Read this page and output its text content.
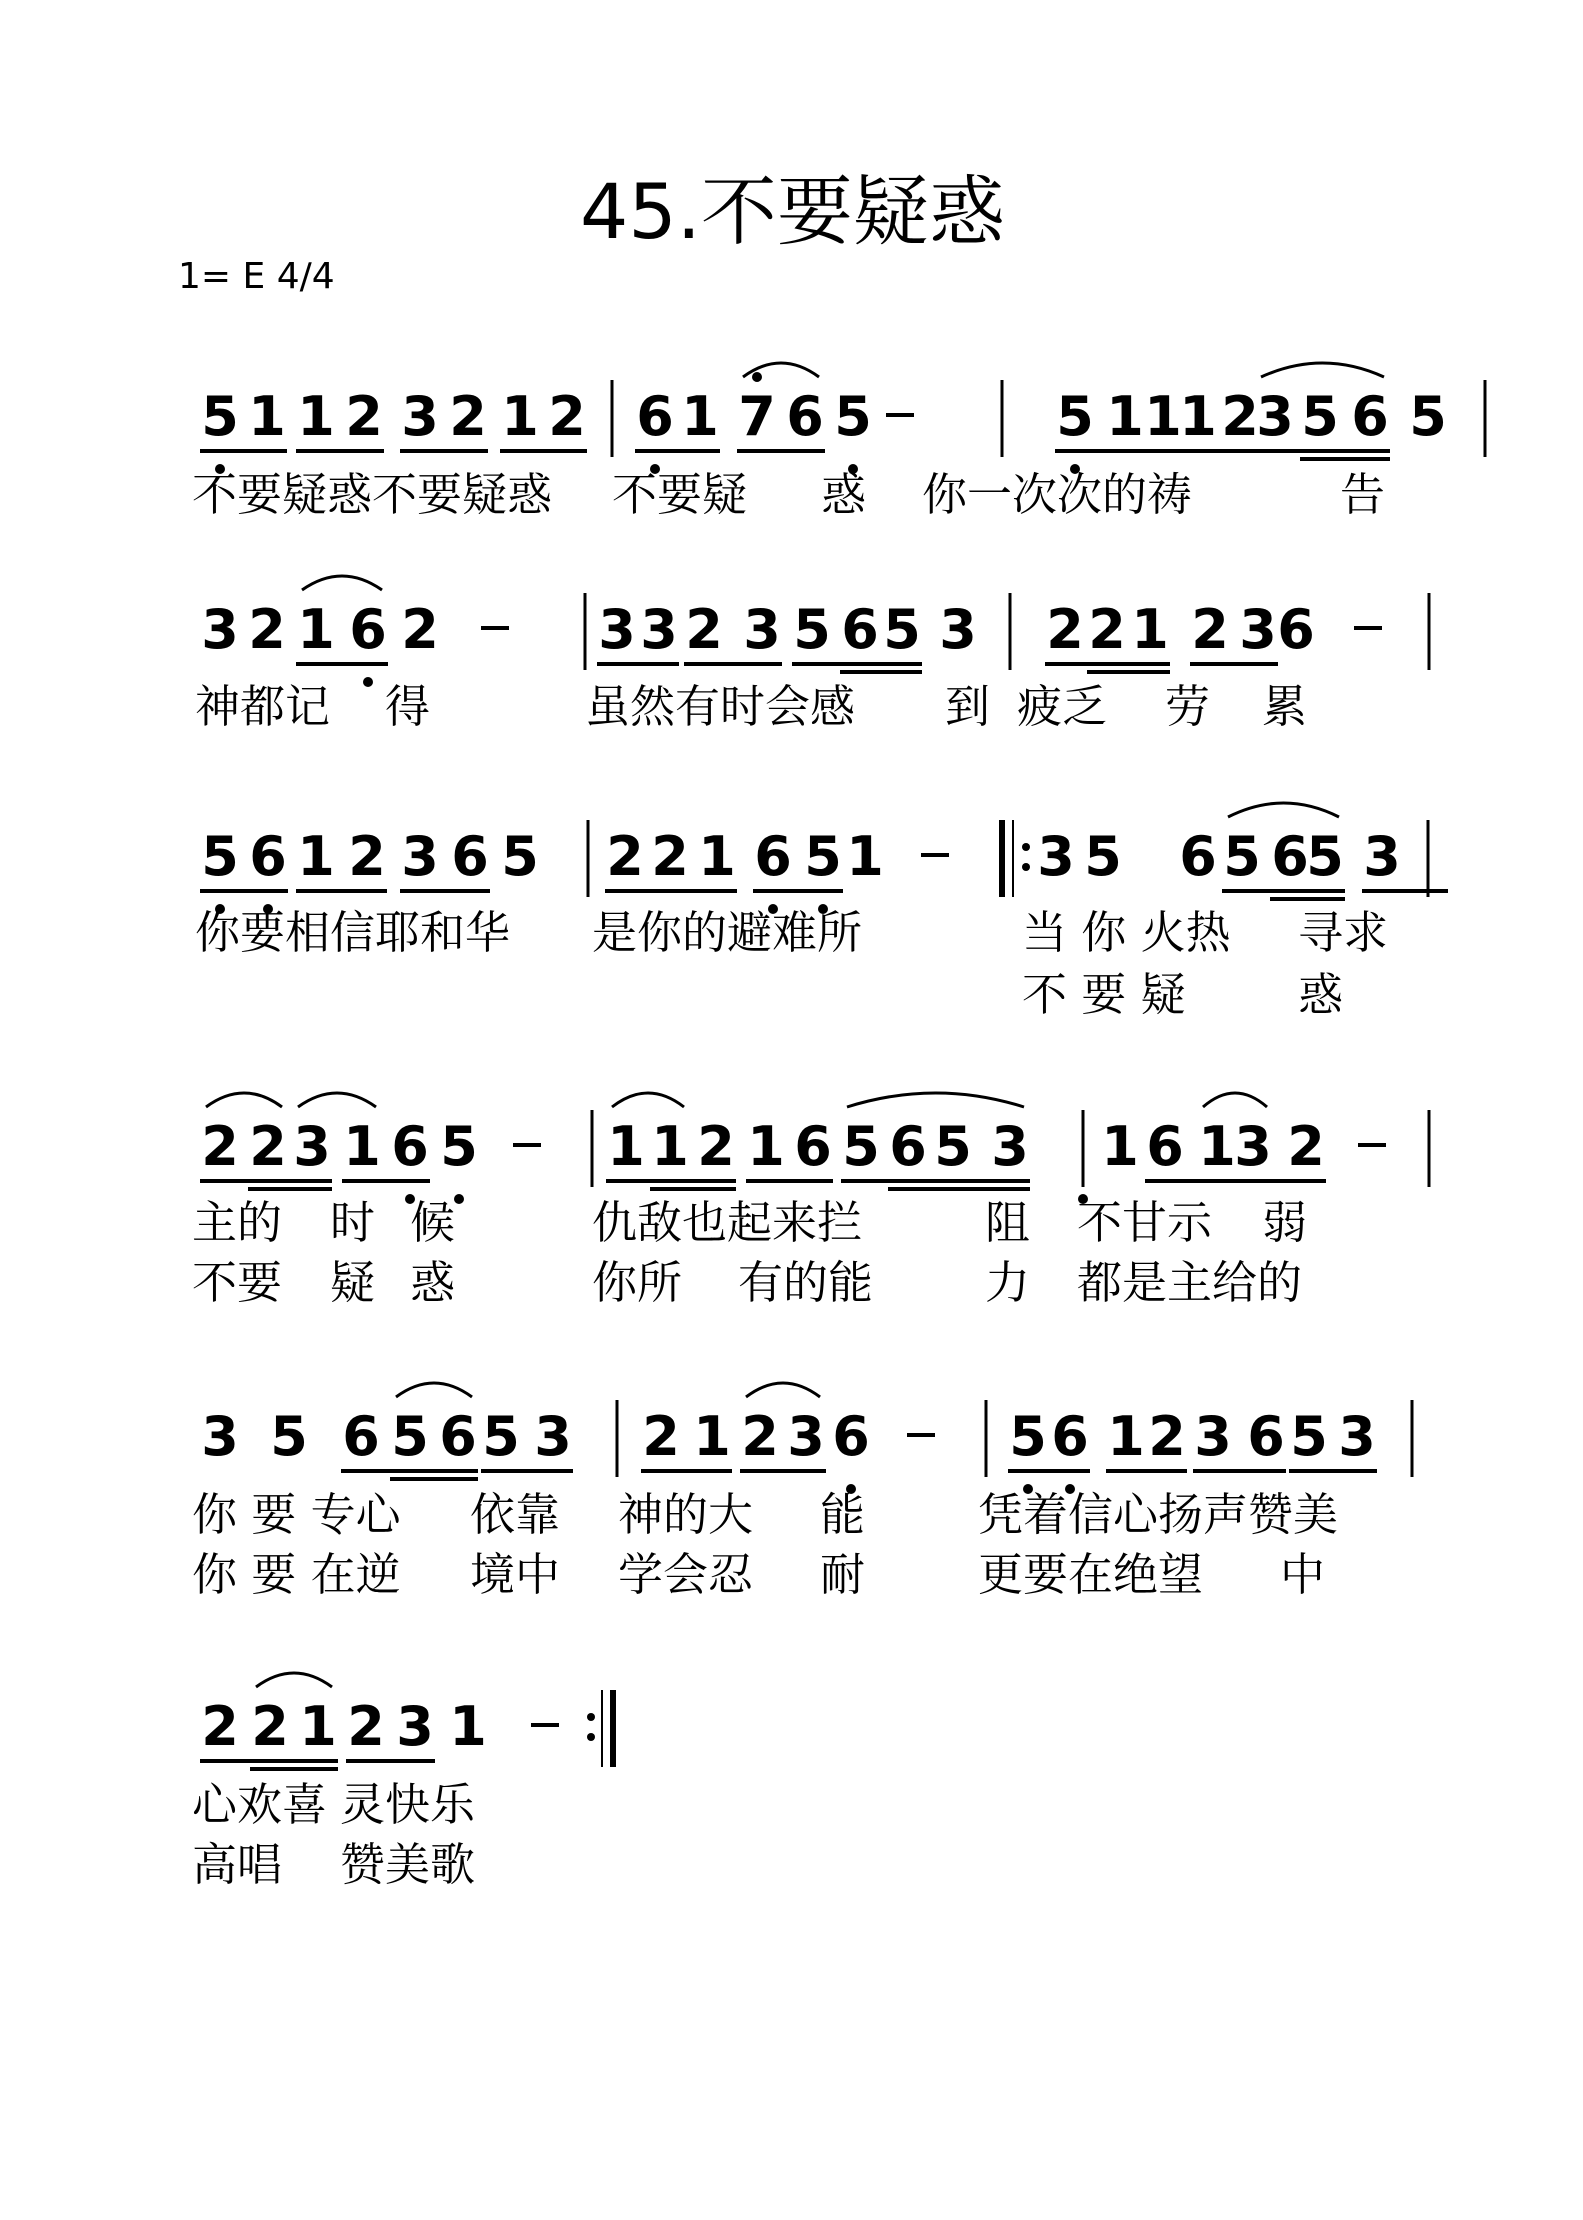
45.不要疑惑
1= E 4/4
5 1 1 2 3 2 1 2 6 1 7 6 5	5 1 1
1 2
3 5 6 5
不要疑惑不要疑惑 不要疑 惑 你一次次的祷	告
3 2 1 6 2	3 3 2 3 5 6 5 3 2 2 1 2 3 6
神都记 得	虽然有时会感 到 疲乏 劳 累
5 6 1 2 3 6 5 2 2 1 6 5 1	3 5 6 5 6
5 3
你要相信耶和华 是你的避难所	当 你 火热 寻求
不 要 疑 惑
2 2 3 1 6 5 1 1 2 1 6 5 6 5 3 1 6 1
3 2
主的 时 候	仇敌也起来拦	阻 不甘示 弱
不要 疑 惑	你所 有的能 力 都是主给的
3 5 6 5 6 5 3 2 1 2 3 6	5 6 1 2 3 6 5 3
你 要 专心 依靠 神的大 能	凭着信心扬声赞美
你 要 在逆 境中 学会忍 耐	更要在绝望 中
2 2 1 2 3 1
心欢喜 灵快乐
高唱 赞美歌
